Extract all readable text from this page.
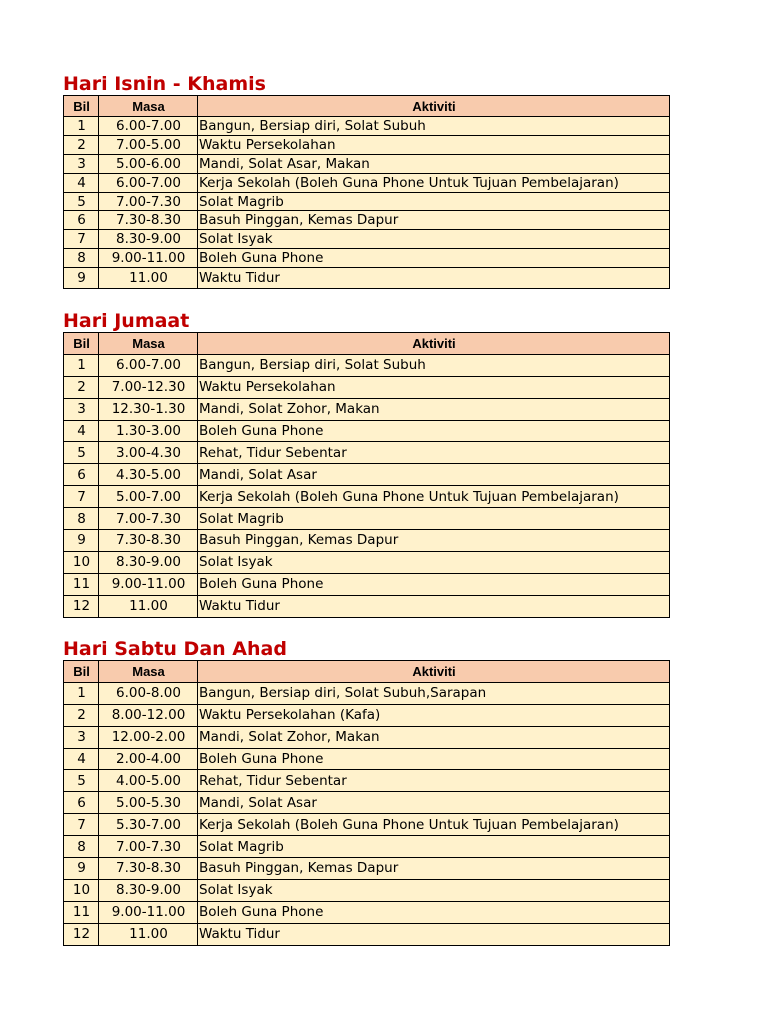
Hari Isnin - Khamis
Bil	Masa	Aktiviti
1	6.00-7.00	Bangun, Bersiap diri, Solat Subuh
2	7.00-5.00	Waktu Persekolahan
3	5.00-6.00	Mandi, Solat Asar, Makan
4	6.00-7.00	Kerja Sekolah (Boleh Guna Phone Untuk Tujuan Pembelajaran)
5	7.00-7.30	Solat Magrib
6	7.30-8.30	Basuh Pinggan, Kemas Dapur
7	8.30-9.00	Solat Isyak
8	9.00-11.00	Boleh Guna Phone
9	11.00	Waktu Tidur
Hari Jumaat
Bil	Masa	Aktiviti
1	6.00-7.00	Bangun, Bersiap diri, Solat Subuh
2	7.00-12.30	Waktu Persekolahan
3	12.30-1.30	Mandi, Solat Zohor, Makan
4	1.30-3.00	Boleh Guna Phone
5	3.00-4.30	Rehat, Tidur Sebentar
6	4.30-5.00	Mandi, Solat Asar
7	5.00-7.00	Kerja Sekolah (Boleh Guna Phone Untuk Tujuan Pembelajaran)
8	7.00-7.30	Solat Magrib
9	7.30-8.30	Basuh Pinggan, Kemas Dapur
10	8.30-9.00	Solat Isyak
11	9.00-11.00	Boleh Guna Phone
12	11.00	Waktu Tidur
Hari Sabtu Dan Ahad
Bil	Masa	Aktiviti
1	6.00-8.00	Bangun, Bersiap diri, Solat Subuh,Sarapan
2	8.00-12.00	Waktu Persekolahan (Kafa)
3	12.00-2.00	Mandi, Solat Zohor, Makan
4	2.00-4.00	Boleh Guna Phone
5	4.00-5.00	Rehat, Tidur Sebentar
6	5.00-5.30	Mandi, Solat Asar
7	5.30-7.00	Kerja Sekolah (Boleh Guna Phone Untuk Tujuan Pembelajaran)
8	7.00-7.30	Solat Magrib
9	7.30-8.30	Basuh Pinggan, Kemas Dapur
10	8.30-9.00	Solat Isyak
11	9.00-11.00	Boleh Guna Phone
12	11.00	Waktu Tidur
